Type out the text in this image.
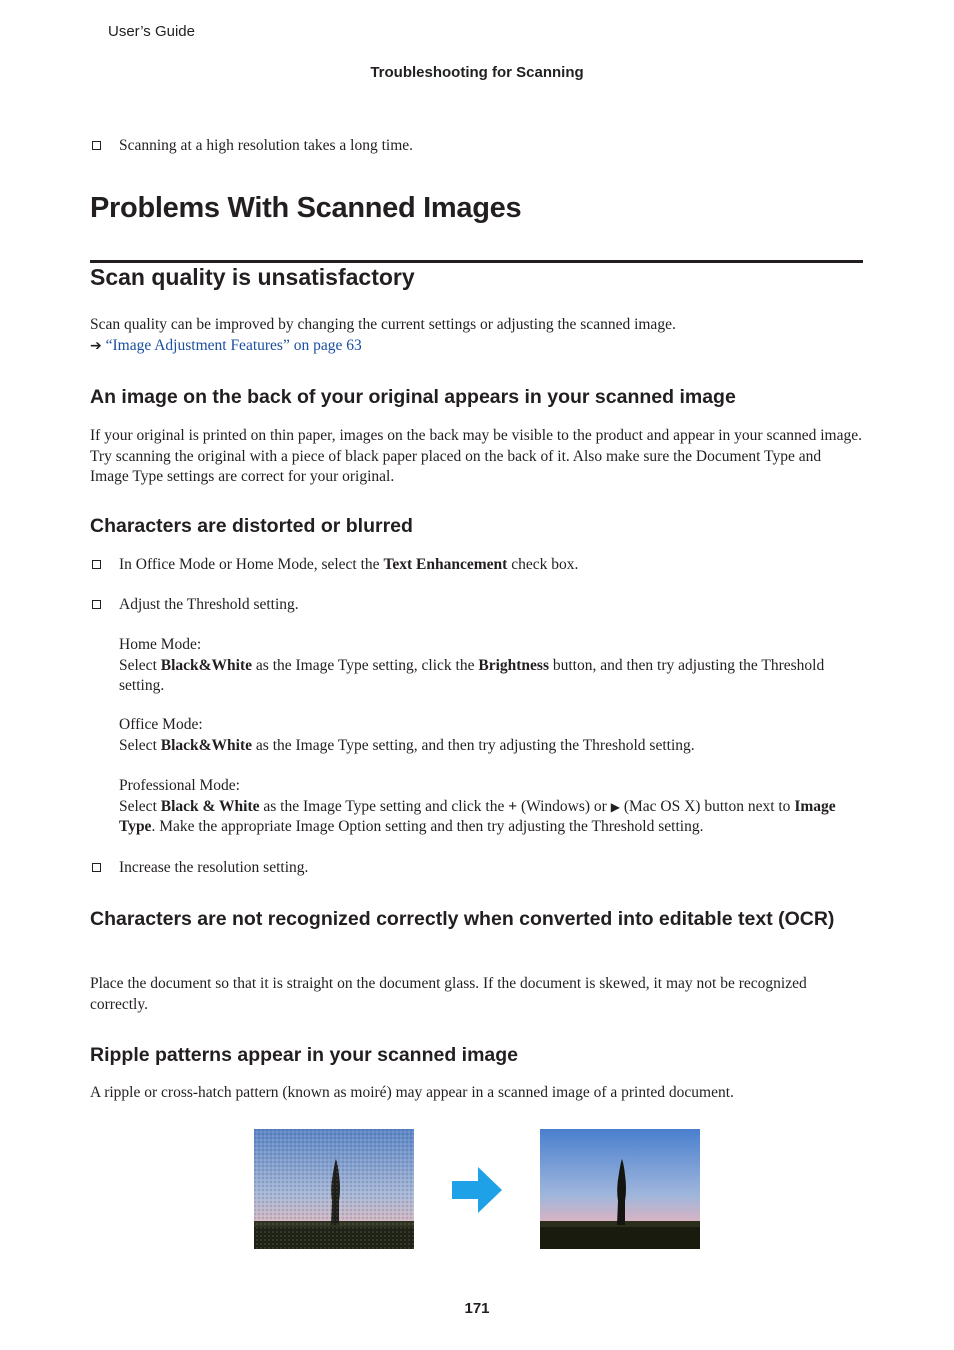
User’s Guide
Troubleshooting for Scanning
Scanning at a high resolution takes a long time.
Problems With Scanned Images
Scan quality is unsatisfactory
Scan quality can be improved by changing the current settings or adjusting the scanned image.
➔ “Image Adjustment Features” on page 63
An image on the back of your original appears in your scanned image
If your original is printed on thin paper, images on the back may be visible to the product and appear in your scanned image. Try scanning the original with a piece of black paper placed on the back of it. Also make sure the Document Type and Image Type settings are correct for your original.
Characters are distorted or blurred
In Office Mode or Home Mode, select the Text Enhancement check box.
Adjust the Threshold setting.
Home Mode:
Select Black&White as the Image Type setting, click the Brightness button, and then try adjusting the Threshold setting.
Office Mode:
Select Black&White as the Image Type setting, and then try adjusting the Threshold setting.
Professional Mode:
Select Black & White as the Image Type setting and click the + (Windows) or ▶ (Mac OS X) button next to Image Type. Make the appropriate Image Option setting and then try adjusting the Threshold setting.
Increase the resolution setting.
Characters are not recognized correctly when converted into editable text (OCR)
Place the document so that it is straight on the document glass. If the document is skewed, it may not be recognized correctly.
Ripple patterns appear in your scanned image
A ripple or cross-hatch pattern (known as moiré) may appear in a scanned image of a printed document.
171
